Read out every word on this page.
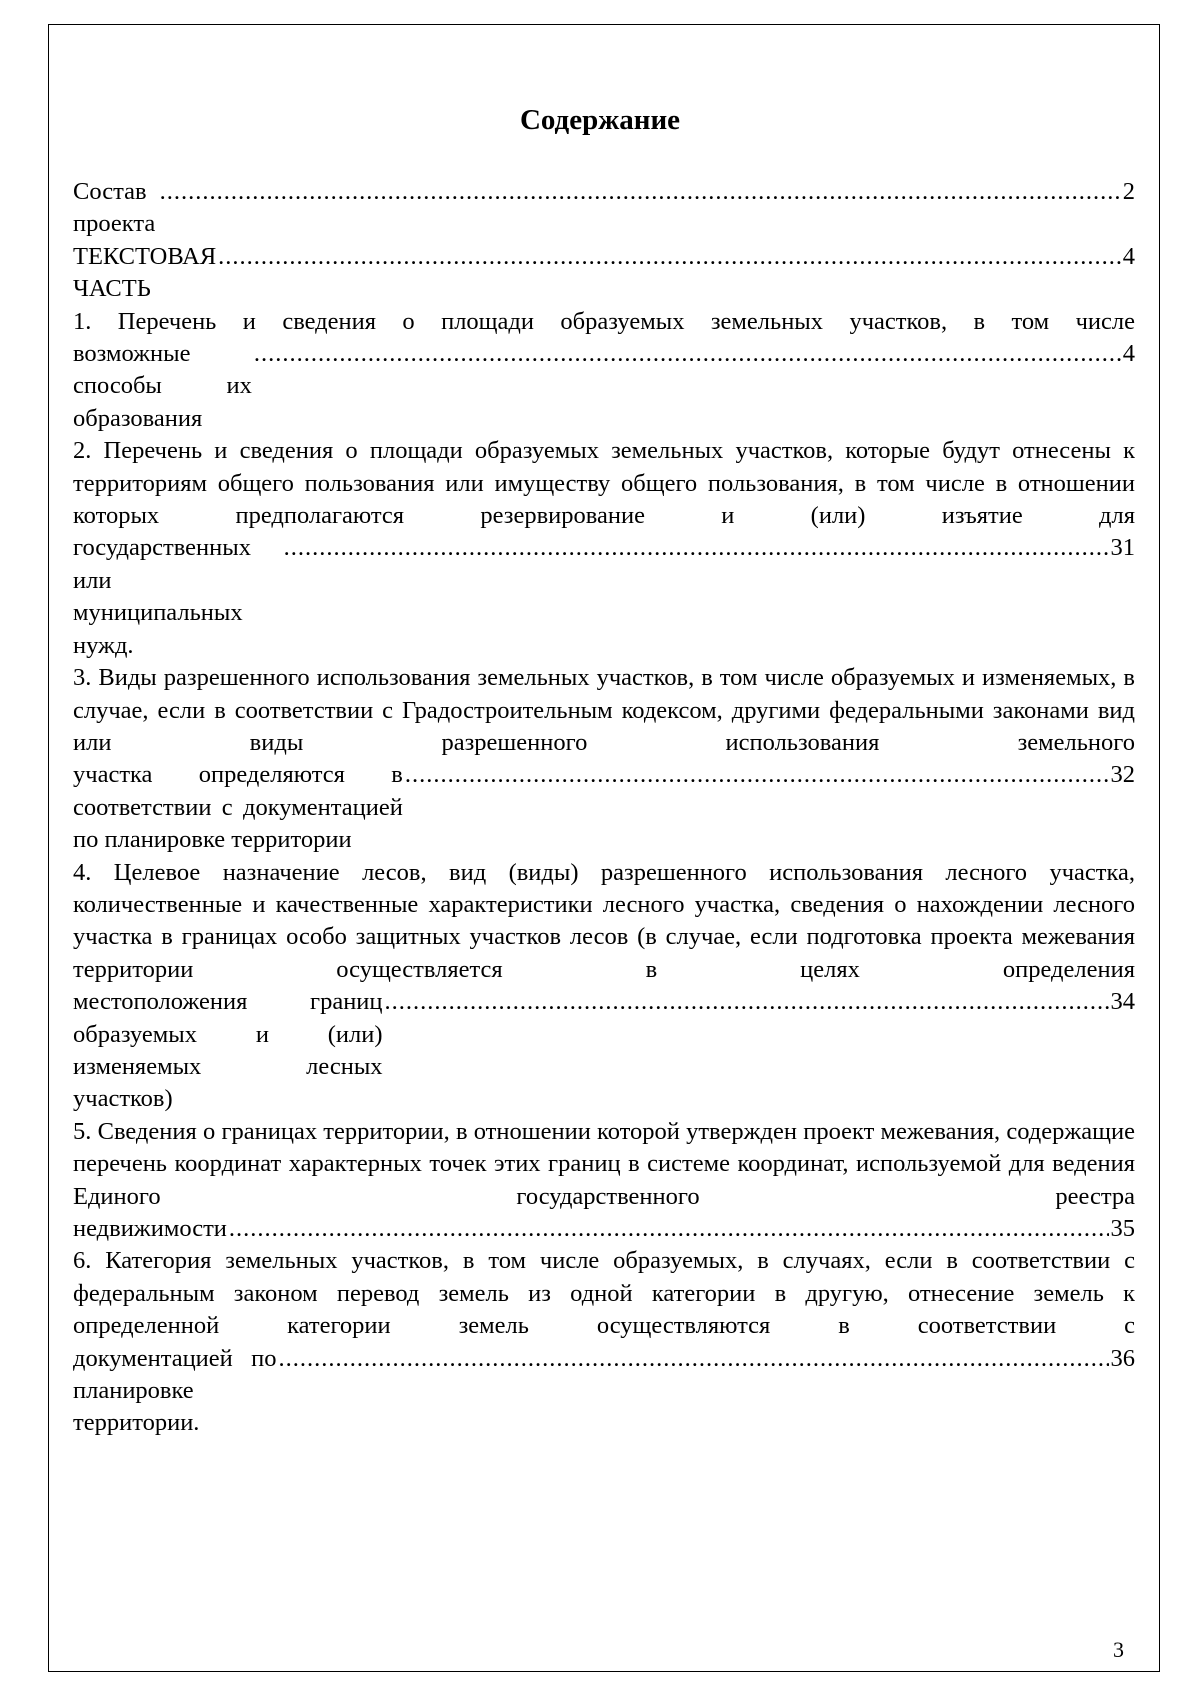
Содержание
Состав проекта
.....
2
ТЕКСТОВАЯ ЧАСТЬ
.....
4
1. Перечень и сведения о площади образуемых земельных участков, в том числе
возможные способы их образования
.....
4
2. Перечень и сведения о площади образуемых земельных участков, которые будут отнесены к территориям общего пользования или имуществу общего пользования, в том числе в отношении которых предполагаются резервирование и (или) изъятие для
государственных или муниципальных нужд.
.....
31
3. Виды разрешенного использования земельных участков, в том числе образуемых и изменяемых, в случае, если в соответствии с Градостроительным кодексом, другими федеральными законами вид или виды разрешенного использования земельного
участка определяются в соответствии с документацией по планировке территории
.....
32
4. Целевое назначение лесов, вид (виды) разрешенного использования лесного участка, количественные и качественные характеристики лесного участка, сведения о нахождении лесного участка в границах особо защитных участков лесов (в случае, если подготовка проекта межевания территории осуществляется в целях определения
местоположения границ образуемых и (или) изменяемых лесных участков)
.....
34
5. Сведения о границах территории, в отношении которой утвержден проект межевания, содержащие перечень координат характерных точек этих границ в системе координат, используемой для ведения Единого государственного реестра
недвижимости
.....	35
6. Категория земельных участков, в том числе образуемых, в случаях, если в соответствии с федеральным законом перевод земель из одной категории в другую, отнесение земель к определенной категории земель осуществляются в соответствии с
документацией по планировке территории.
.....
36
3
